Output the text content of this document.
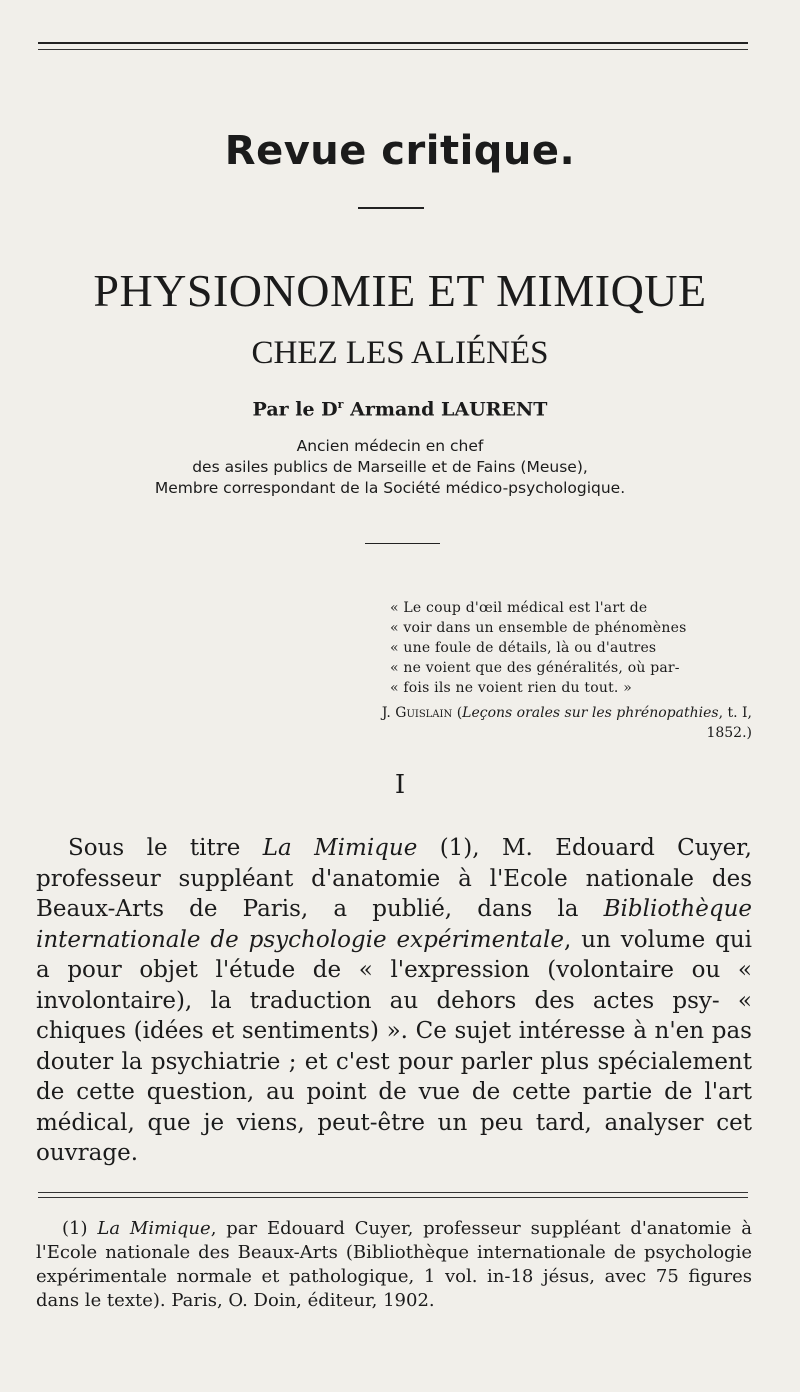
Revue critique.
PHYSIONOMIE ET MIMIQUE
CHEZ LES ALIÉNÉS
Par le $D^r$ Armand LAURENT
Ancien médecin en chef
des asiles publics de Marseille et de Fains (Meuse),
Membre correspondant de la Société médico-psychologique.
« Le coup d'œil médical est l'art de
« voir dans un ensemble de phénomènes
« une foule de détails, là ou d'autres
« ne voient que des généralités, où par-
« fois ils ne voient rien du tout. »
J. Guislain (Leçons orales sur les phrénopathies, t. I, 1852.)
I
Sous le titre La Mimique (1), M. Edouard Cuyer, professeur suppléant d'anatomie à l'Ecole nationale des Beaux-Arts de Paris, a publié, dans la Bibliothèque internationale de psychologie expérimentale, un volume qui a pour objet l'étude de « l'expression (volontaire ou « involontaire), la traduction au dehors des actes psy- « chiques (idées et sentiments) ». Ce sujet intéresse à n'en pas douter la psychiatrie ; et c'est pour parler plus spécialement de cette question, au point de vue de cette partie de l'art médical, que je viens, peut-être un peu tard, analyser cet ouvrage.
(1) La Mimique, par Edouard Cuyer, professeur suppléant d'anatomie à l'Ecole nationale des Beaux-Arts (Bibliothèque internationale de psychologie expérimentale normale et pathologique, 1 vol. in-18 jésus, avec 75 figures dans le texte). Paris, O. Doin, éditeur, 1902.
